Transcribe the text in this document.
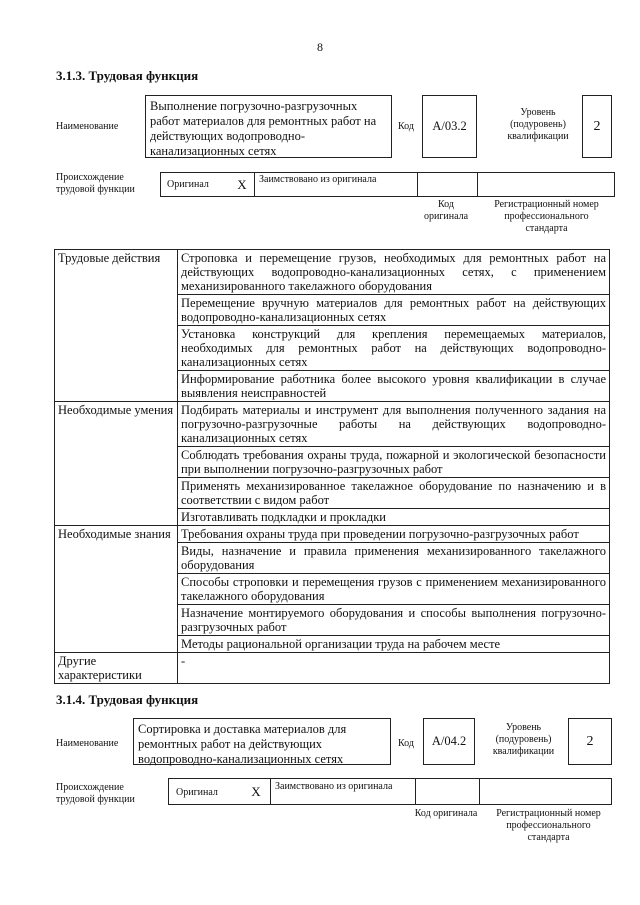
8
3.1.3. Трудовая функция
Наименование
Выполнение погрузочно-разгрузочных работ материалов для ремонтных работ на действующих водопроводно-канализационных сетях
Код	А/03.2
Уровень (подуровень) квалификации
2
Происхождение трудовой функции	Оригинал X Заимствовано из оригинала
Код оригинала
Регистрационный номер профессионального стандарта
Трудовые действия	Строповка и перемещение грузов, необходимых для ремонтных работ на действующих водопроводно-канализационных сетях, с применением механизированного такелажного оборудования
	Перемещение вручную материалов для ремонтных работ на действующих водопроводно-канализационных сетях
	Установка конструкций для крепления перемещаемых материалов, необходимых для ремонтных работ на действующих водопроводно-канализационных сетях
	Информирование работника более высокого уровня квалификации в случае выявления неисправностей
Необходимые умения	Подбирать материалы и инструмент для выполнения полученного задания на погрузочно-разгрузочные работы на действующих водопроводно-канализационных сетях
	Соблюдать требования охраны труда, пожарной и экологической безопасности при выполнении погрузочно-разгрузочных работ
	Применять механизированное такелажное оборудование по назначению и в соответствии с видом работ
	Изготавливать подкладки и прокладки
Необходимые знания	Требования охраны труда при проведении погрузочно-разгрузочных работ
	Виды, назначение и правила применения механизированного такелажного оборудования
	Способы строповки и перемещения грузов с применением механизированного такелажного оборудования
	Назначение монтируемого оборудования и способы выполнения погрузочно-разгрузочных работ
	Методы рациональной организации труда на рабочем месте
Другие характеристики	-
3.1.4. Трудовая функция
Наименование
Сортировка и доставка материалов для ремонтных работ на действующих водопроводно-канализационных сетях
Код	А/04.2
Уровень (подуровень) квалификации
2
Происхождение трудовой функции
Оригинал	X Заимствовано из оригинала
Код оригинала	Регистрационный номер профессионального стандарта
